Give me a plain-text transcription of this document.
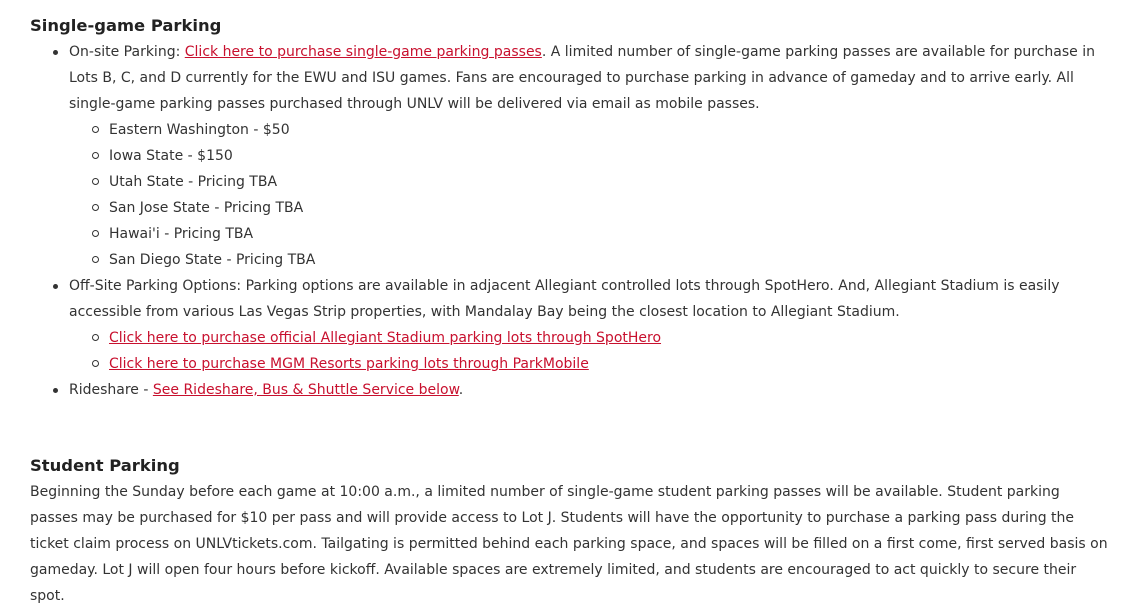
Single-game Parking
On-site Parking: Click here to purchase single-game parking passes. A limited number of single-game parking passes are available for purchase in Lots B, C, and D currently for the EWU and ISU games. Fans are encouraged to purchase parking in advance of gameday and to arrive early. All single-game parking passes purchased through UNLV will be delivered via email as mobile passes.
Eastern Washington - $50
Iowa State - $150
Utah State - Pricing TBA
San Jose State - Pricing TBA
Hawai'i - Pricing TBA
San Diego State - Pricing TBA
Off-Site Parking Options: Parking options are available in adjacent Allegiant controlled lots through SpotHero. And, Allegiant Stadium is easily accessible from various Las Vegas Strip properties, with Mandalay Bay being the closest location to Allegiant Stadium.
Click here to purchase official Allegiant Stadium parking lots through SpotHero
Click here to purchase MGM Resorts parking lots through ParkMobile
Rideshare - See Rideshare, Bus & Shuttle Service below.
Student Parking

Beginning the Sunday before each game at 10:00 a.m., a limited number of single-game student parking passes will be available. Student parking passes may be purchased for $10 per pass and will provide access to Lot J. Students will have the opportunity to purchase a parking pass during the ticket claim process on UNLVtickets.com. Tailgating is permitted behind each parking space, and spaces will be filled on a first come, first served basis on gameday. Lot J will open four hours before kickoff. Available spaces are extremely limited, and students are encouraged to act quickly to secure their spot.
